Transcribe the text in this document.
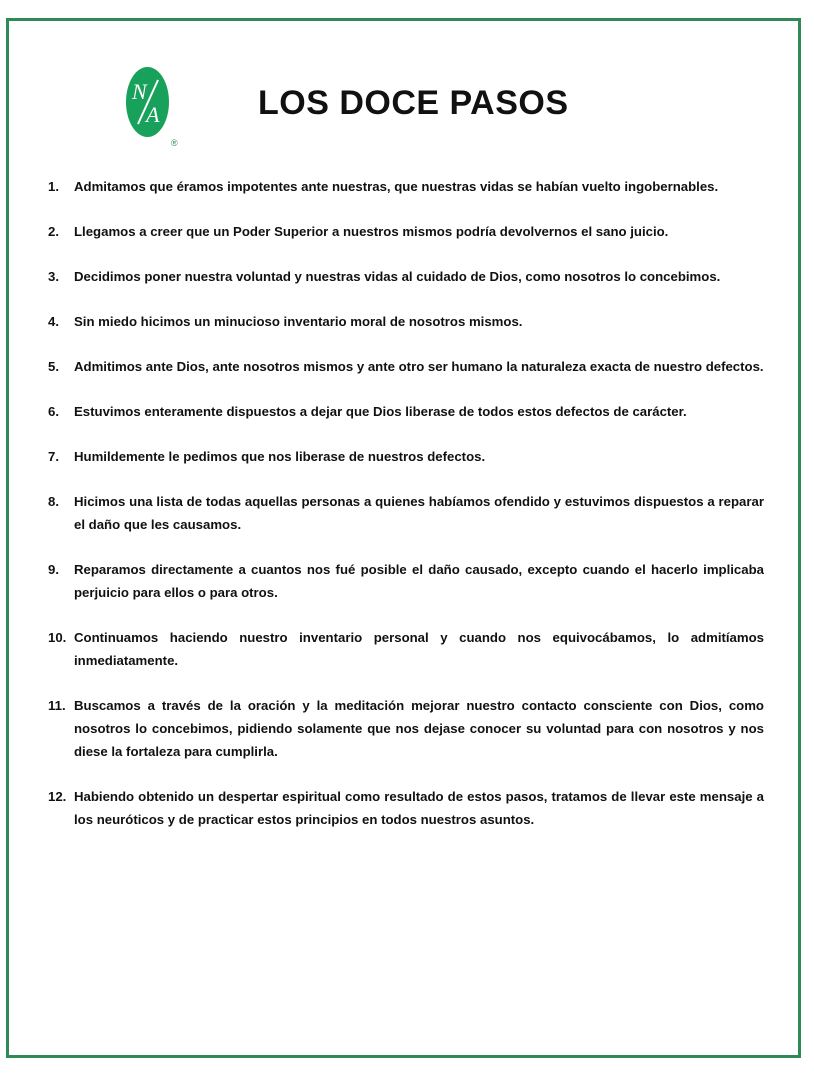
N
A
®
LOS DOCE PASOS
1. Admitamos que éramos impotentes ante nuestras, que nuestras vidas se habían vuelto ingobernables.
2. Llegamos a creer que un Poder Superior a nuestros mismos podría devolvernos el sano juicio.
3. Decidimos poner nuestra voluntad y nuestras vidas al cuidado de Dios, como nosotros lo concebimos.
4. Sin miedo hicimos un minucioso inventario moral de nosotros mismos.
5. Admitimos ante Dios, ante nosotros mismos y ante otro ser humano la naturaleza exacta de nuestro defectos.
6. Estuvimos enteramente dispuestos a dejar que Dios liberase de todos estos defectos de carácter.
7. Humildemente le pedimos que nos liberase de nuestros defectos.
8. Hicimos una lista de todas aquellas personas a quienes habíamos ofendido y estuvimos dispuestos a reparar el daño que les causamos.
9. Reparamos directamente a cuantos nos fué posible el daño causado, excepto cuando el hacerlo implicaba perjuicio para ellos o para otros.
10. Continuamos haciendo nuestro inventario personal y cuando nos equivocábamos, lo admitíamos inmediatamente.
11. Buscamos a través de la oración y la meditación mejorar nuestro contacto consciente con Dios, como nosotros lo concebimos, pidiendo solamente que nos dejase conocer su voluntad para con nosotros y nos diese la fortaleza para cumplirla.
12. Habiendo obtenido un despertar espiritual como resultado de estos pasos, tratamos de llevar este mensaje a los neuróticos y de practicar estos principios en todos nuestros asuntos.
